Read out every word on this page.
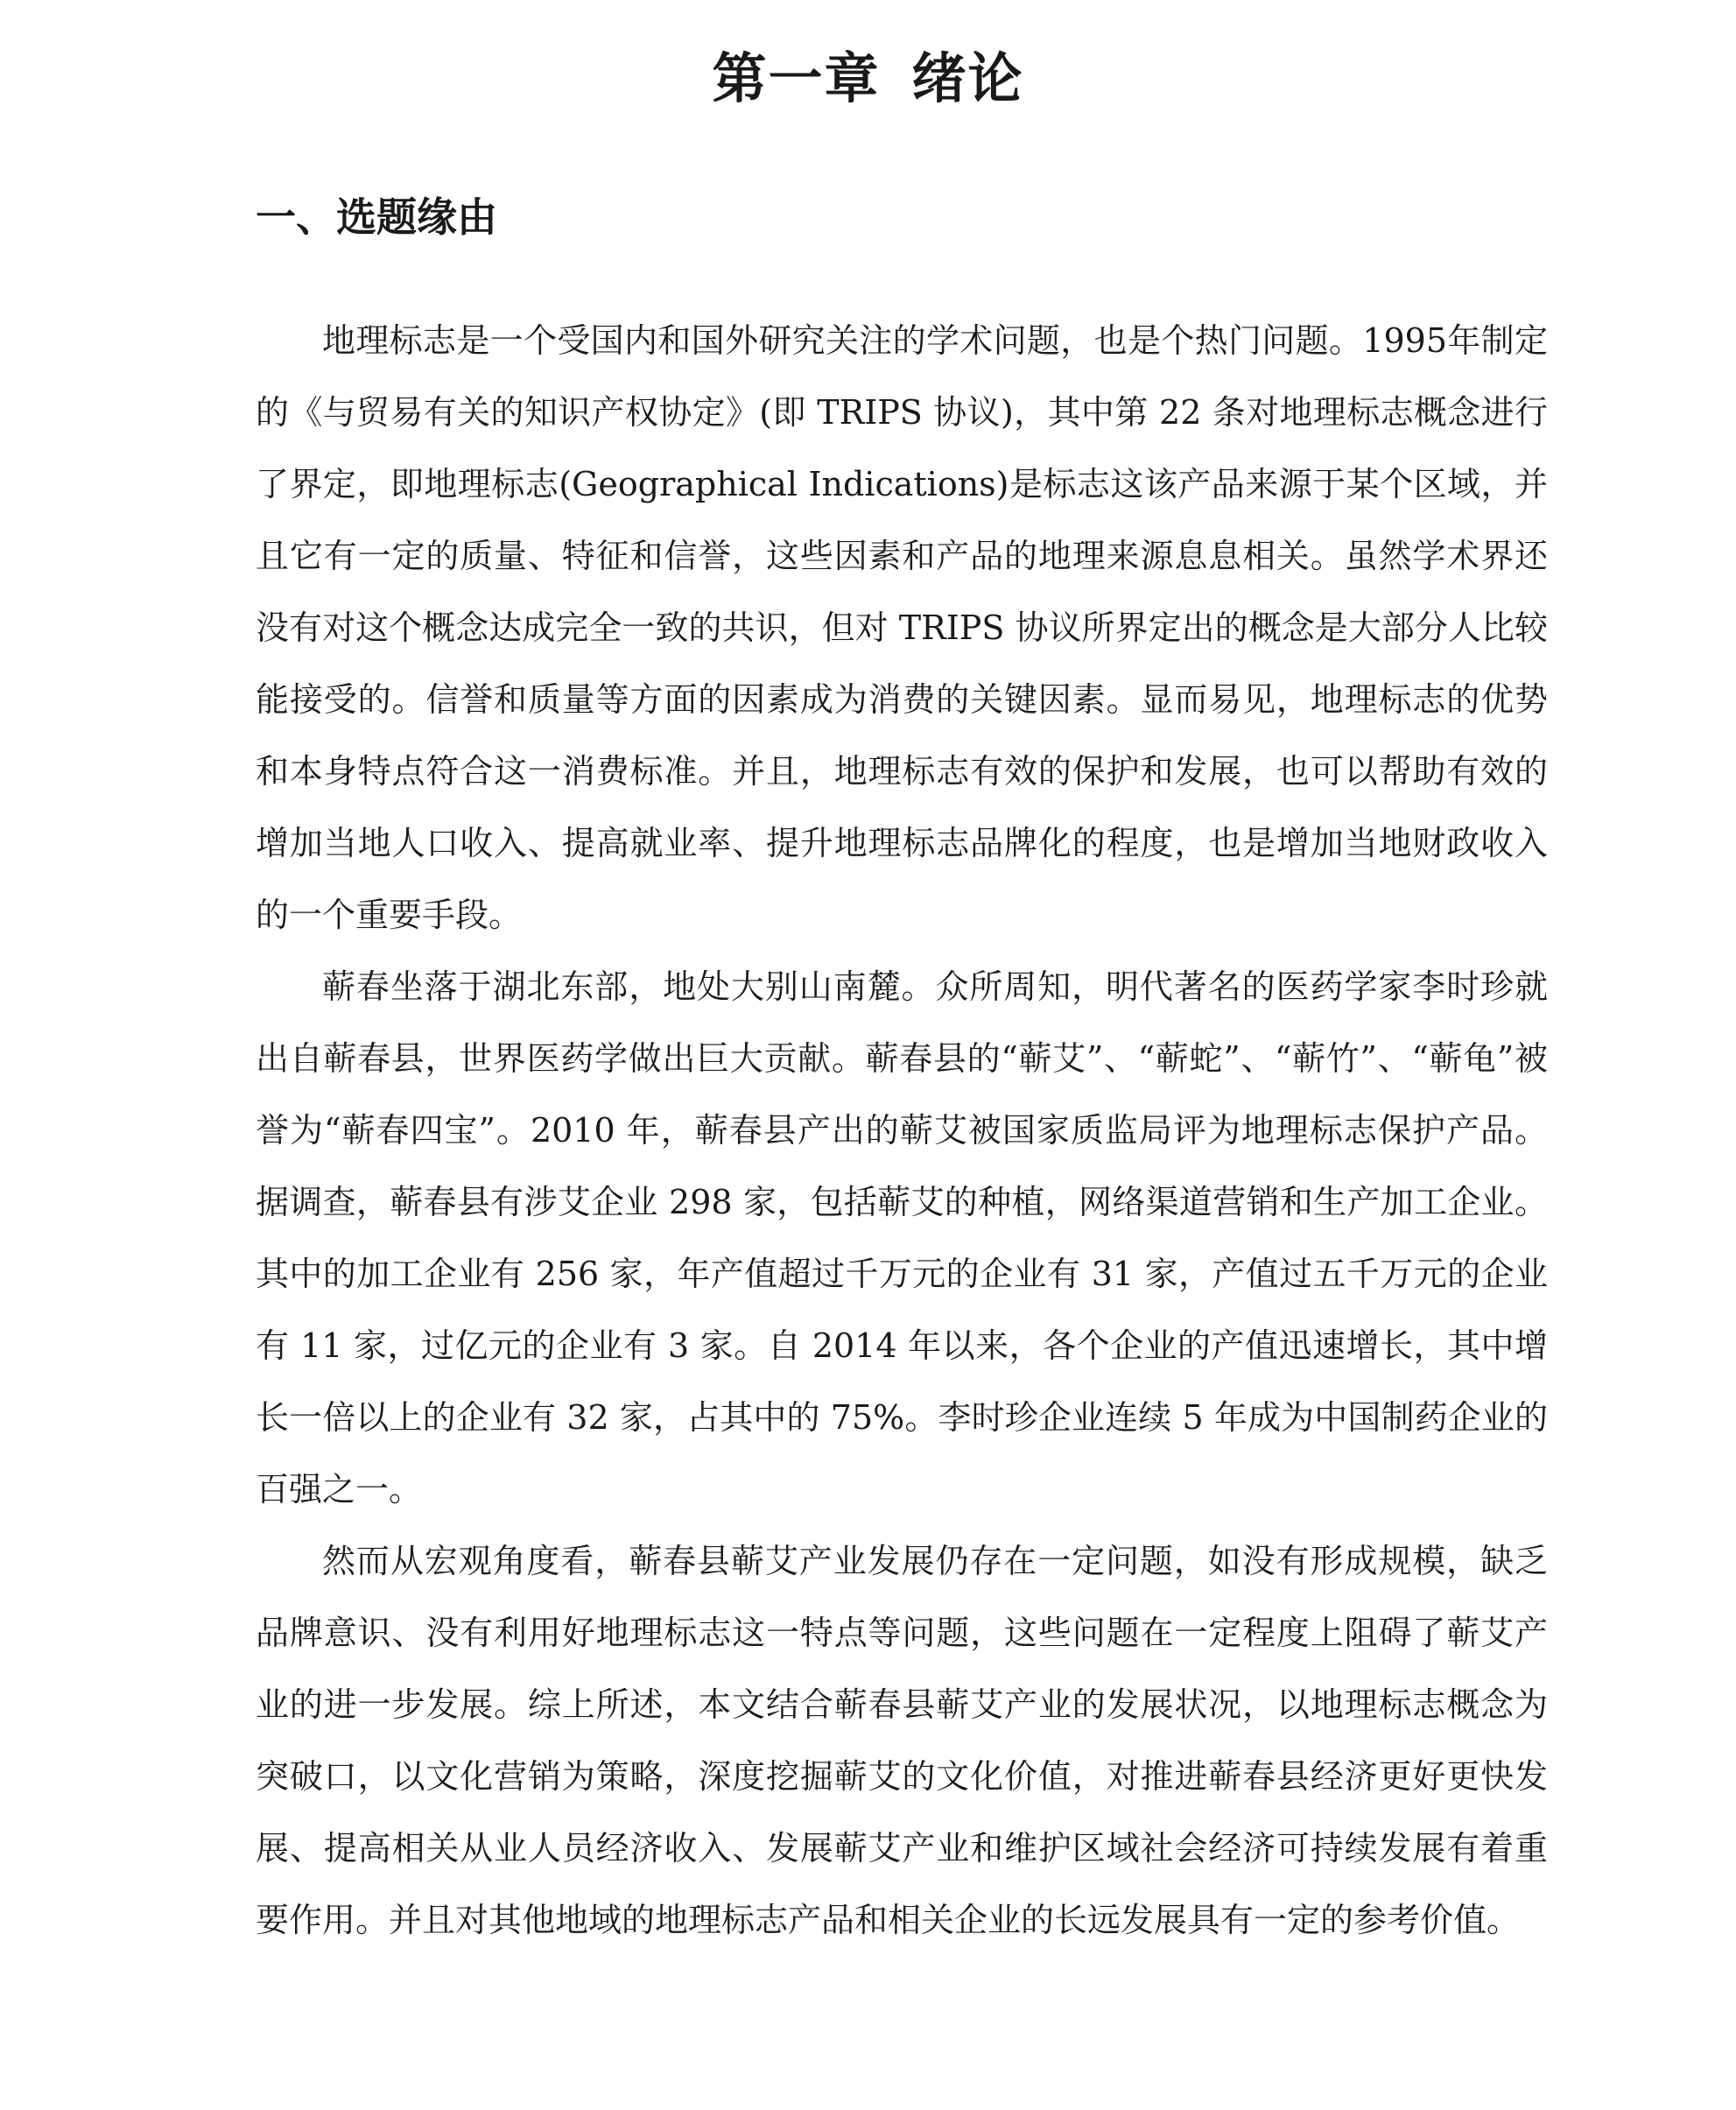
第一章 绪论
一、选题缘由

地理标志是一个受国内和国外研究关注的学术问题，也是个热门问题。1995年制定的《与贸易有关的知识产权协定》(即 TRIPS 协议)，其中第 22 条对地理标志概念进行了界定，即地理标志(Geographical Indications)是标志这该产品来源于某个区域，并且它有一定的质量、特征和信誉，这些因素和产品的地理来源息息相关。虽然学术界还没有对这个概念达成完全一致的共识，但对 TRIPS 协议所界定出的概念是大部分人比较能接受的。信誉和质量等方面的因素成为消费的关键因素。显而易见，地理标志的优势和本身特点符合这一消费标准。并且，地理标志有效的保护和发展，也可以帮助有效的增加当地人口收入、提高就业率、提升地理标志品牌化的程度，也是增加当地财政收入的一个重要手段。

蕲春坐落于湖北东部，地处大别山南麓。众所周知，明代著名的医药学家李时珍就出自蕲春县，世界医药学做出巨大贡献。蕲春县的“蕲艾”、“蕲蛇”、“蕲竹”、“蕲龟”被誉为“蕲春四宝”。2010 年，蕲春县产出的蕲艾被国家质监局评为地理标志保护产品。据调查，蕲春县有涉艾企业 298 家，包括蕲艾的种植，网络渠道营销和生产加工企业。其中的加工企业有 256 家，年产值超过千万元的企业有 31 家，产值过五千万元的企业有 11 家，过亿元的企业有 3 家。自 2014 年以来，各个企业的产值迅速增长，其中增长一倍以上的企业有 32 家，占其中的 75%。李时珍企业连续 5 年成为中国制药企业的百强之一。

然而从宏观角度看，蕲春县蕲艾产业发展仍存在一定问题，如没有形成规模，缺乏品牌意识、没有利用好地理标志这一特点等问题，这些问题在一定程度上阻碍了蕲艾产业的进一步发展。综上所述，本文结合蕲春县蕲艾产业的发展状况，以地理标志概念为突破口，以文化营销为策略，深度挖掘蕲艾的文化价值，对推进蕲春县经济更好更快发展、提高相关从业人员经济收入、发展蕲艾产业和维护区域社会经济可持续发展有着重要作用。并且对其他地域的地理标志产品和相关企业的长远发展具有一定的参考价值。
